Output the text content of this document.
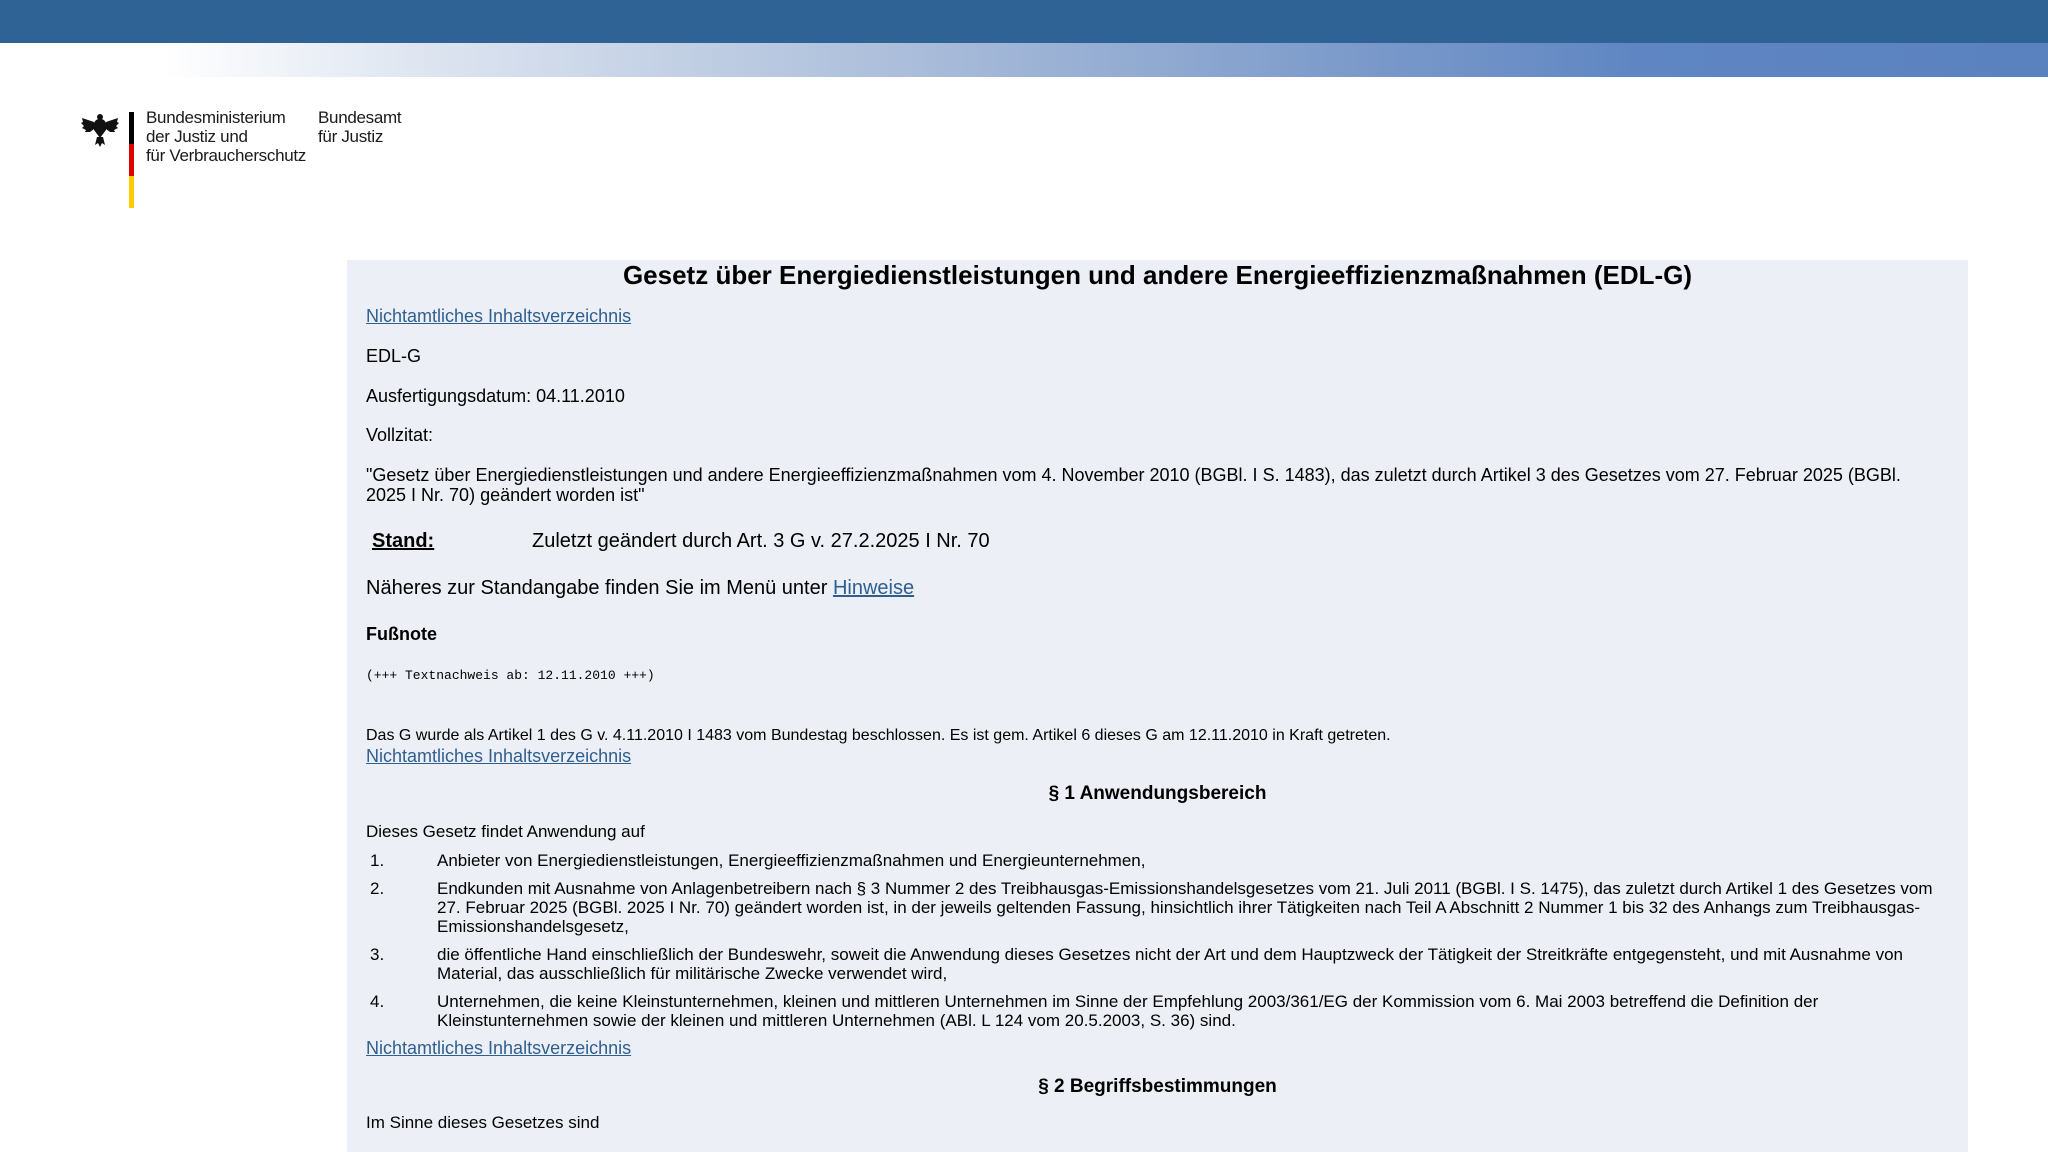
Bundesministerium
der Justiz und
für Verbraucherschutz
Bundesamt
für Justiz
Gesetz über Energiedienstleistungen und andere Energieeffizienzmaßnahmen (EDL-G)

Nichtamtliches Inhaltsverzeichnis

EDL-G

Ausfertigungsdatum: 04.11.2010

Vollzitat:

"Gesetz über Energiedienstleistungen und andere Energieeffizienzmaßnahmen vom 4. November 2010 (BGBl. I S. 1483), das zuletzt durch Artikel 3 des Gesetzes vom 27. Februar 2025 (BGBl. 2025 I Nr. 70) geändert worden ist"

Stand:	Zuletzt geändert durch Art. 3 G v. 27.2.2025 I Nr. 70

Näheres zur Standangabe finden Sie im Menü unter Hinweise

Fußnote

(+++ Textnachweis ab: 12.11.2010 +++)

Das G wurde als Artikel 1 des G v. 4.11.2010 I 1483 vom Bundestag beschlossen. Es ist gem. Artikel 6 dieses G am 12.11.2010 in Kraft getreten.

Nichtamtliches Inhaltsverzeichnis

§ 1 Anwendungsbereich

Dieses Gesetz findet Anwendung auf

1.	Anbieter von Energiedienstleistungen, Energieeffizienzmaßnahmen und Energieunternehmen,
2.	Endkunden mit Ausnahme von Anlagenbetreibern nach § 3 Nummer 2 des Treibhausgas-Emissionshandelsgesetzes vom 21. Juli 2011 (BGBl. I S. 1475), das zuletzt durch Artikel 1 des Gesetzes vom 27. Februar 2025 (BGBl. 2025 I Nr. 70) geändert worden ist, in der jeweils geltenden Fassung, hinsichtlich ihrer Tätigkeiten nach Teil A Abschnitt 2 Nummer 1 bis 32 des Anhangs zum Treibhausgas-Emissionshandelsgesetz,
3.	die öffentliche Hand einschließlich der Bundeswehr, soweit die Anwendung dieses Gesetzes nicht der Art und dem Hauptzweck der Tätigkeit der Streitkräfte entgegensteht, und mit Ausnahme von Material, das ausschließlich für militärische Zwecke verwendet wird,
4.	Unternehmen, die keine Kleinstunternehmen, kleinen und mittleren Unternehmen im Sinne der Empfehlung 2003/361/EG der Kommission vom 6. Mai 2003 betreffend die Definition der Kleinstunternehmen sowie der kleinen und mittleren Unternehmen (ABl. L 124 vom 20.5.2003, S. 36) sind.

Nichtamtliches Inhaltsverzeichnis

§ 2 Begriffsbestimmungen

Im Sinne dieses Gesetzes sind
